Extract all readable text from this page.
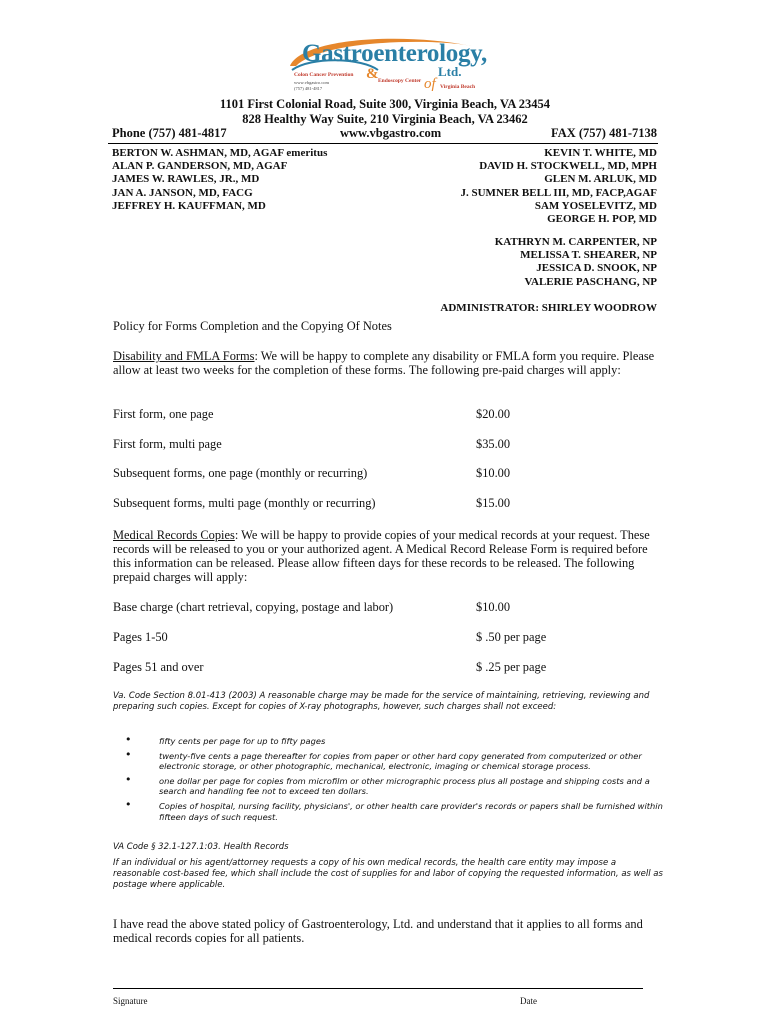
Gastroenterology,
Ltd.
Colon Cancer Prevention & Endoscopy Center
www.vbgastro.com
(757) 481-4817	of Virginia Beach
1101 First Colonial Road, Suite 300, Virginia Beach, VA 23454
828 Healthy Way Suite, 210 Virginia Beach, VA 23462
Phone (757) 481-4817	www.vbgastro.com	FAX (757) 481-7138
BERTON W. ASHMAN, MD, AGAF emeritus
ALAN P. GANDERSON, MD, AGAF
JAMES W. RAWLES, JR., MD
JAN A. JANSON, MD, FACG
JEFFREY H. KAUFFMAN, MD
KEVIN T. WHITE, MD
DAVID H. STOCKWELL, MD, MPH
GLEN M. ARLUK, MD
J. SUMNER BELL III, MD, FACP,AGAF
SAM YOSELEVITZ, MD
GEORGE H. POP, MD
KATHRYN M. CARPENTER, NP
MELISSA T. SHEARER, NP
JESSICA D. SNOOK, NP
VALERIE PASCHANG, NP
ADMINISTRATOR: SHIRLEY WOODROW
Policy for Forms Completion and the Copying Of Notes
Disability and FMLA Forms: We will be happy to complete any disability or FMLA form you require. Please allow at least two weeks for the completion of these forms. The following pre-paid charges will apply:
First form, one page	$20.00
First form, multi page	$35.00
Subsequent forms, one page (monthly or recurring)	$10.00
Subsequent forms, multi page (monthly or recurring)	$15.00
Medical Records Copies: We will be happy to provide copies of your medical records at your request. These records will be released to you or your authorized agent. A Medical Record Release Form is required before this information can be released. Please allow fifteen days for these records to be released. The following prepaid charges will apply:
Base charge (chart retrieval, copying, postage and labor)	$10.00
Pages 1-50	$ .50 per page
Pages 51 and over	$ .25 per page
Va. Code Section 8.01-413 (2003) A reasonable charge may be made for the service of maintaining, retrieving, reviewing and preparing such copies. Except for copies of X-ray photographs, however, such charges shall not exceed:
•	fifty cents per page for up to fifty pages
•	twenty-five cents a page thereafter for copies from paper or other hard copy generated from computerized or other electronic storage, or other photographic, mechanical, electronic, imaging or chemical storage process.
•	one dollar per page for copies from microfilm or other micrographic process plus all postage and shipping costs and a search and handling fee not to exceed ten dollars.
•	Copies of hospital, nursing facility, physicians', or other health care provider's records or papers shall be furnished within fifteen days of such request.
VA Code § 32.1-127.1:03. Health Records
If an individual or his agent/attorney requests a copy of his own medical records, the health care entity may impose a reasonable cost-based fee, which shall include the cost of supplies for and labor of copying the requested information, as well as postage where applicable.
I have read the above stated policy of Gastroenterology, Ltd. and understand that it applies to all forms and medical records copies for all patients.
Signature	Date
